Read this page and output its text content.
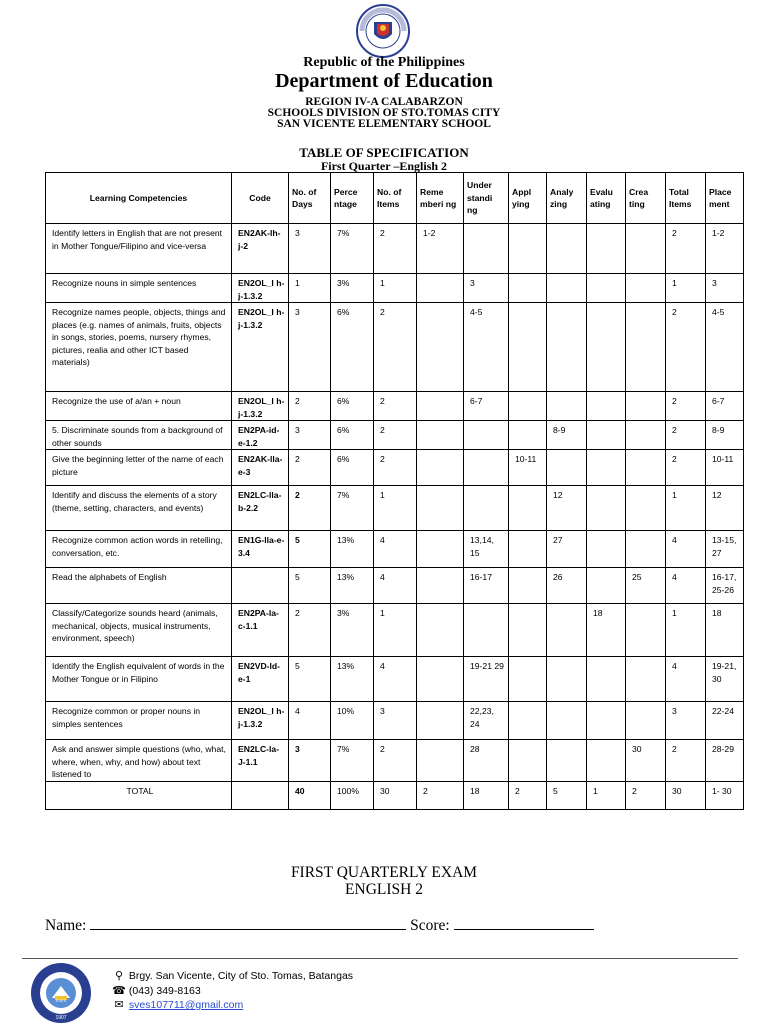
Republic of the Philippines
Department of Education
REGION IV-A CALABARZON
SCHOOLS DIVISION OF STO.TOMAS CITY
SAN VICENTE ELEMENTARY SCHOOL
TABLE OF SPECIFICATION
First Quarter –English 2
Learning Competencies	Code	No. of Days	Perce ntage	No. of Items	Reme mberi ng	Under standi ng	Appl ying	Analy zing	Evalu ating	Crea ting	Total Items	Place ment
Identify letters in English that are not present in Mother Tongue/Filipino and vice-versa	EN2AK-lh-j-2	3	7%	2	1-2						2	1-2
Recognize nouns in simple sentences	EN2OL_I h-j-1.3.2	1	3%	1		3					1	3
Recognize names people, objects, things and places (e.g. names of animals, fruits, objects in songs, stories, poems, nursery rhymes, pictures, realia and other ICT based materials)	EN2OL_I h-j-1.3.2	3	6%	2		4-5					2	4-5
Recognize the use of a/an + noun	EN2OL_I h-j-1.3.2	2	6%	2		6-7					2	6-7
5. Discriminate sounds from a background of other sounds	EN2PA-id-e-1.2	3	6%	2				8-9			2	8-9
Give the beginning letter of the name of each picture	EN2AK-lla-e-3	2	6%	2			10-11				2	10-11
Identify and discuss the elements of a story (theme, setting, characters, and events)	EN2LC-lla-b-2.2	2	7%	1				12			1	12
Recognize common action words in retelling, conversation, etc.	EN1G-lla-e-3.4	5	13%	4		13,14, 15		27			4	13-15, 27
Read the alphabets of English		5	13%	4		16-17		26		25	4	16-17, 25-26
Classify/Categorize sounds heard (animals, mechanical, objects, musical instruments, environment, speech)	EN2PA-la-c-1.1	2	3%	1					18		1	18
Identify the English equivalent of words in the Mother Tongue or in Filipino	EN2VD-ld-e-1	5	13%	4		19-21 29					4	19-21, 30
Recognize common or proper nouns in simples sentences	EN2OL_I h-j-1.3.2	4	10%	3		22,23, 24					3	22-24
Ask and answer simple questions (who, what, where, when, why, and how) about text listened to	EN2LC-la-J-1.1	3	7%	2		28				30	2	28-29
TOTAL		40	100%	30	2	18	2	5	1	2	30	1- 30
FIRST QUARTERLY EXAM
ENGLISH 2
Name:	Score:
SVES
1907
⚲ Brgy. San Vicente, City of Sto. Tomas, Batangas
☎ (043) 349-8163
✉ sves107711@gmail.com
